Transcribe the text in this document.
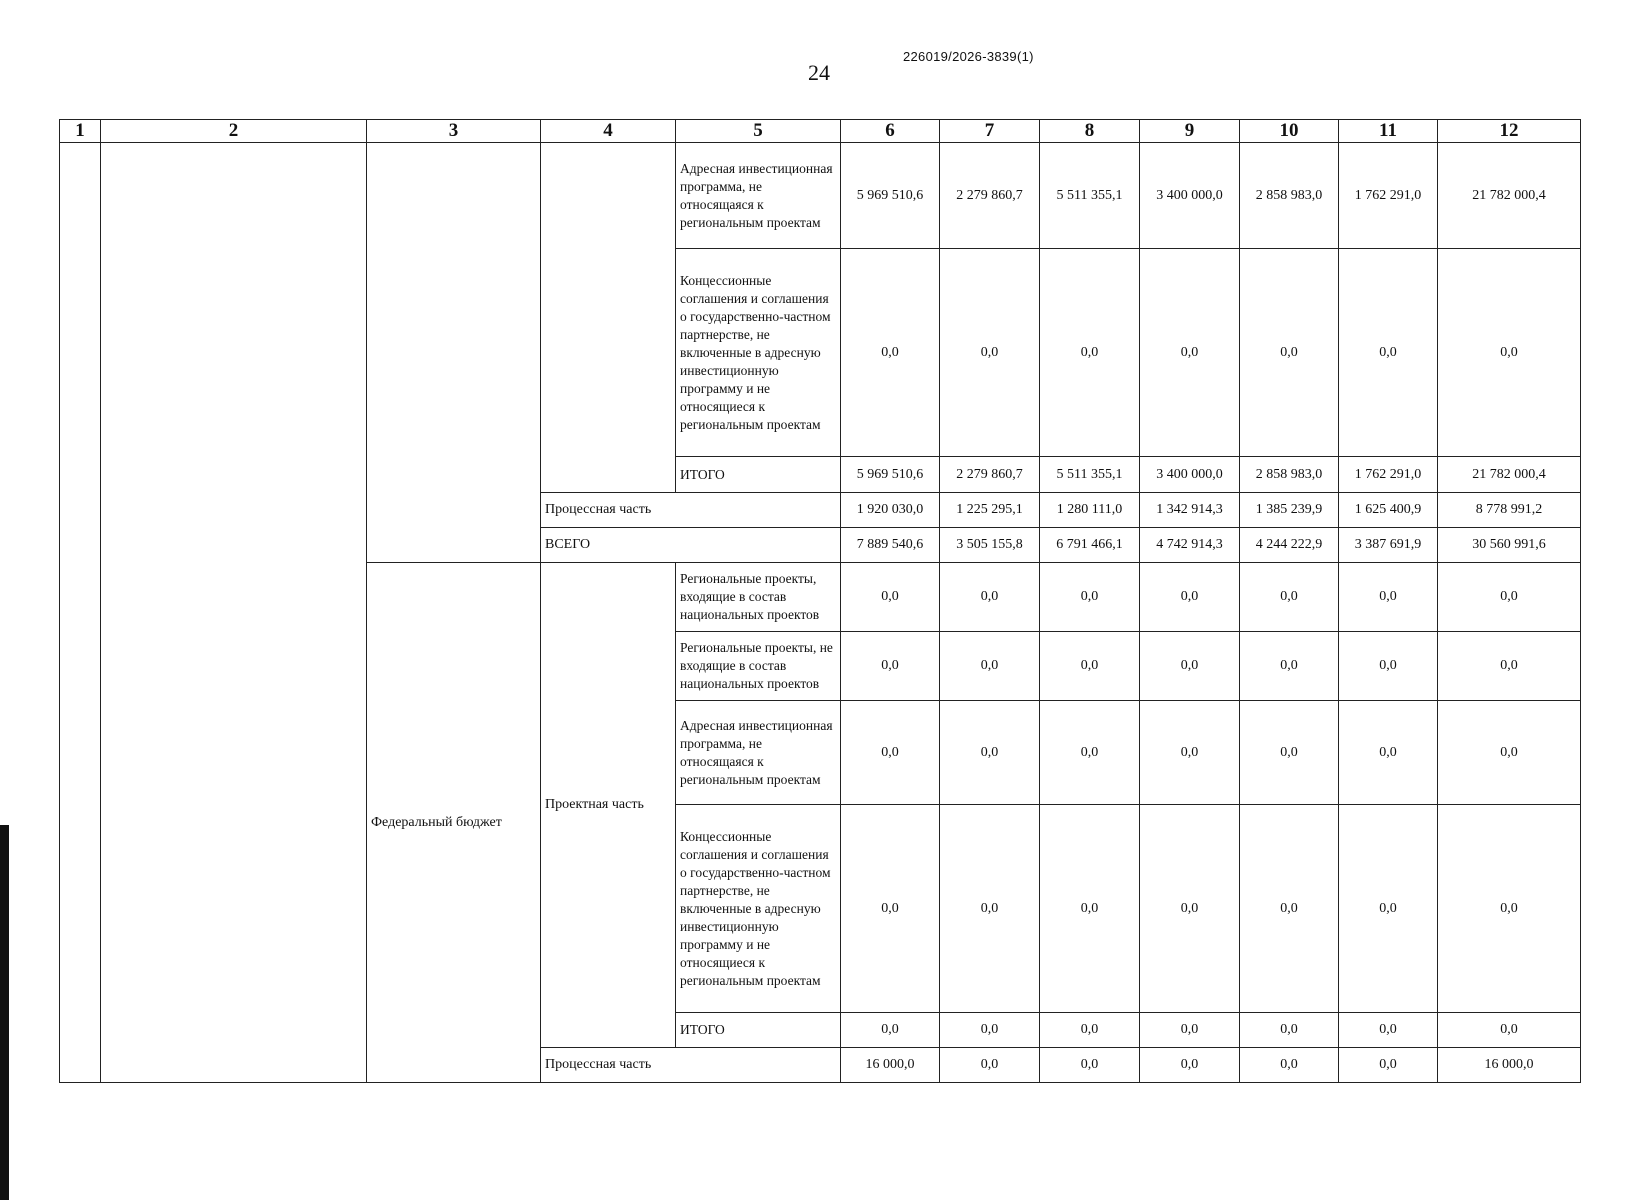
226019/2026-3839(1)
24
1	2	3	4	5	6	7	8	9	10	11	12
				Адресная инвестиционная программа, не относящаяся к региональным проектам	5 969 510,6	2 279 860,7	5 511 355,1	3 400 000,0	2 858 983,0	1 762 291,0	21 782 000,4
				Концессионные соглашения и соглашения о государственно-частном партнерстве, не включенные в адресную инвестиционную программу и не относящиеся к региональным проектам	0,0	0,0	0,0	0,0	0,0	0,0	0,0
				ИТОГО	5 969 510,6	2 279 860,7	5 511 355,1	3 400 000,0	2 858 983,0	1 762 291,0	21 782 000,4
			Процессная часть		1 920 030,0	1 225 295,1	1 280 111,0	1 342 914,3	1 385 239,9	1 625 400,9	8 778 991,2
			ВСЕГО		7 889 540,6	3 505 155,8	6 791 466,1	4 742 914,3	4 244 222,9	3 387 691,9	30 560 991,6
		Федеральный бюджет	Проектная часть	Региональные проекты, входящие в состав национальных проектов	0,0	0,0	0,0	0,0	0,0	0,0	0,0
				Региональные проекты, не входящие в состав национальных проектов	0,0	0,0	0,0	0,0	0,0	0,0	0,0
				Адресная инвестиционная программа, не относящаяся к региональным проектам	0,0	0,0	0,0	0,0	0,0	0,0	0,0
				Концессионные соглашения и соглашения о государственно-частном партнерстве, не включенные в адресную инвестиционную программу и не относящиеся к региональным проектам	0,0	0,0	0,0	0,0	0,0	0,0	0,0
				ИТОГО	0,0	0,0	0,0	0,0	0,0	0,0	0,0

			Процессная часть		16 000,0	0,0	0,0	0,0	0,0	0,0	16 000,0
